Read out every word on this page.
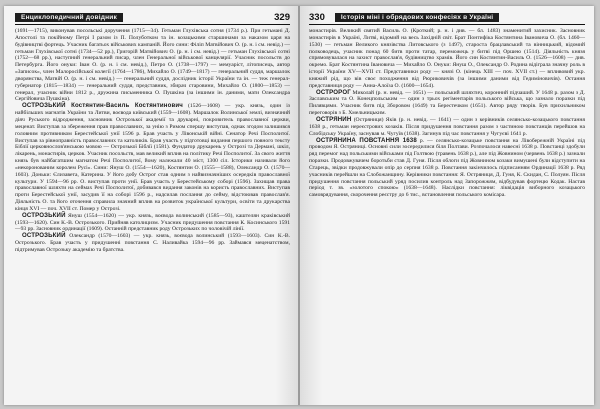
Енциклопедичний довідник	329

(1691—1715), виконував посольські доручення (1715—34). Гетьман Глухівська сотня (1734 р.). При гетьмані Д. Апостолі та покійному Петрі І разом із П. Полуботком та ін. козацькими старшинами за наказом царя на будівництві фортець. Учасник багатьох військових кампаній. Його сини: Філіп Матвійович О. (р. н. і см. невід.) — гетьман Глухівської сотні (1734—52 рр.), Григорій Матвійович О. (р. н. і см. невід.) — гетьман Глухівської сотні (1752—68 рр.), наступний генеральний писар, член Генеральної військової канцелярії. Учасник посольств до Петербурга. Його онуки: Іван О. (р. н. і см. невід.), Петро О. (1738—1797) — мемуаріст, літописець, автор «Записок», член Малоросійської колегії (1764—1786), Михайло О. (1749—1817) — генеральний суддя, маршалок дворянства, Матвій О. (р. н. і см. невід.) — генеральний суддя, дослідник історії України та ін. — теж генерал-губернатор (1815—1834) — генеральний суддя, представник, збирач старовини, Михайло О. (1800—1853) — генерал, учасник війни 1812 р., дружина письменника О. Пушкіна (за іншими ін. даними, мати Олександра Сергійовича Пушкіна).

ОСТРОЗЬКИЙ Костянтин-Василь Костянтинович (1526—1608) — укр. князь, один із найбільших магнатів України та Литви, воєвода київський (1559—1608). Маршалок Волинської землі, визначний діяч Руського відродження, засновник Острозької академії та друкарні, покровитель православної церкви, меценат. Виступав за збереження прав православних, за унію з Римом спершу виступав, однак згодом залишився головним противником Берестейської унії 1596 р. Брав участь у Лівонській війні. Сенатор Речі Посполитої. Виступав за рівноправність православних та католиків. Брав участь у підготовці видання першого повного тексту Біблії церковнослов'янською мовою — Острозької Біблії (1581). Фундатор друкарень у Острозі та Дермані, шкіл, лікарень, монастирів, церков. Учасник посольств, мав великий вплив на політику Речі Посполитої. За свого життя князь був найбагатшим магнатом Речі Посполитої, йому належали 40 міст, 1300 сіл. Історики називали його «некоронованим королем Русі». Сини: Януш О. (1554—1620), Костянтин О. (1555—1588), Олександр О. (1570—1603). Доньки: Єлизавета, Катерина. У його добу Острог став одним з найвизначніших осередків православної культури. У 1594—96 рр. О. виступав проти унії. Брав участь у Берестейському соборі (1596). Захищав права православної шляхти на сеймах Речі Посполитої, добивався видання законів на користь православних. Виступав проти Берестейської унії, засудив її на соборі 1596 р., надсилав послання до сейму, відстоював православ'я. Діяльність О. та його оточення справила значний вплив на розвиток української культури, освіти та друкарства кінця XVI — поч. XVII ст. Помер у Острозі.

ОСТРОЗЬКИЙ Януш (1554—1620) — укр. князь, воєвода волинський (1585—93), каштелян краківський (1593—1620). Син К.-В. Острозького. Прийняв католицизм. Учасник придушення повстання К. Косинського 1591—93 рр. Засновник ординації (1609). Останній представник роду Острозьких по чоловічій лінії.

ОСТРОЗЬКИЙ Олександр (1570—1603) — укр. князь, воєвода волинський (1593—1603). Син К.-В. Острозького. Брав участь у придушенні повстання С. Наливайка 1594—96 рр. Займався меценатством, підтримував Острозьку академію та братства.

330	Історія міні і обрядових конфесіях в Україні

монастирів. Великий святий Василь О. (Кроткий; р. н. і див. — бл. 1483) знаменитий захисник. Засновник монастирів в Україні, Литві, відомий на весь Західній світ. Брат Понтифіка Костянтина Івановича О. (бл. 1460—1530) — гетьман Великого князівства Литовського (з 1497), староста брацлавський та вінницький, відомий полководець, учасник понад 60 битв проти татар, переможець у битві під Оршею (1514). Діяльність князя спрямовувалася на захист православ'я, будівництво храмів. Його син Костянтин-Василь О. (1526—1608) — див. окремо. Брат Костянтина Івановича — Михайло О. Онуки: Януш О., Олександр О. Родина відіграла значну роль в історії України XV—XVII ст. Представники роду — князі О. (кінець XIII — поч. XVII ст.) — впливовий укр. княжий рід, що вів своє походження від Рюриковичів (за іншими даними від Гедиміновичів). Остання представниця роду — Анна-Алоїза О. (1600—1654).

ОСТРОРОГ Миколай (р. н. невід. — 1651) — польський шляхтич, коронний підчаший. У 1648 р. разом з Д. Заславським та О. Конецпольським — один з трьох регіментарів польського війська, що зазнало поразки під Пилявцями. Учасник битв під Зборовом (1649) та Берестечком (1651). Автор ряду творів. Був прихильником переговорів з Б. Хмельницьким.

ОСТРЯНИН (Остряниця) Яків (р. н. невід. — 1641) — один з керівників селянсько-козацького повстання 1638 р., гетьман нереєстрових козаків. Після придушення повстання разом з частиною повстанців перейшов на Слобідську Україну, заснував м. Чугуїв (1638). Загинув під час повстання у Чугуєві 1641 р.

ОСТРЯНИНА ПОВСТАННЯ 1638 р. — селянсько-козацьке повстання на Лівобережній Україні під проводом Я. Остряниці. Основні сили зосередилися біля Полтави. Розпочалося навесні 1638 р. Повстанці здобули ряд перемог над польськими військами під Голтвою (травень 1638 р.), але під Жовнином (червень 1638 р.) зазнали поразки. Продовжувачем боротьби став Д. Гуня. Після облоги під Жовнином козаки вимушені були відступити на Старець, звідки продовжували опір до серпня 1638 р. Повстання закінчилось підписанням Ординації 1638 р. Ряд учасників перейшли на Слобожанщину. Керівники повстання: Я. Остряниця, Д. Гуня, К. Скидан, С. Полуян. Після придушення повстання польський уряд посилив контроль над Запорожжям, відбудував фортецю Кодак. Настав період т. зв. «золотого спокою» (1638—1648). Наслідки повстання: ліквідація виборного козацького самоврядування, скорочення реєстру до 6 тис., встановлення польського комісара.
